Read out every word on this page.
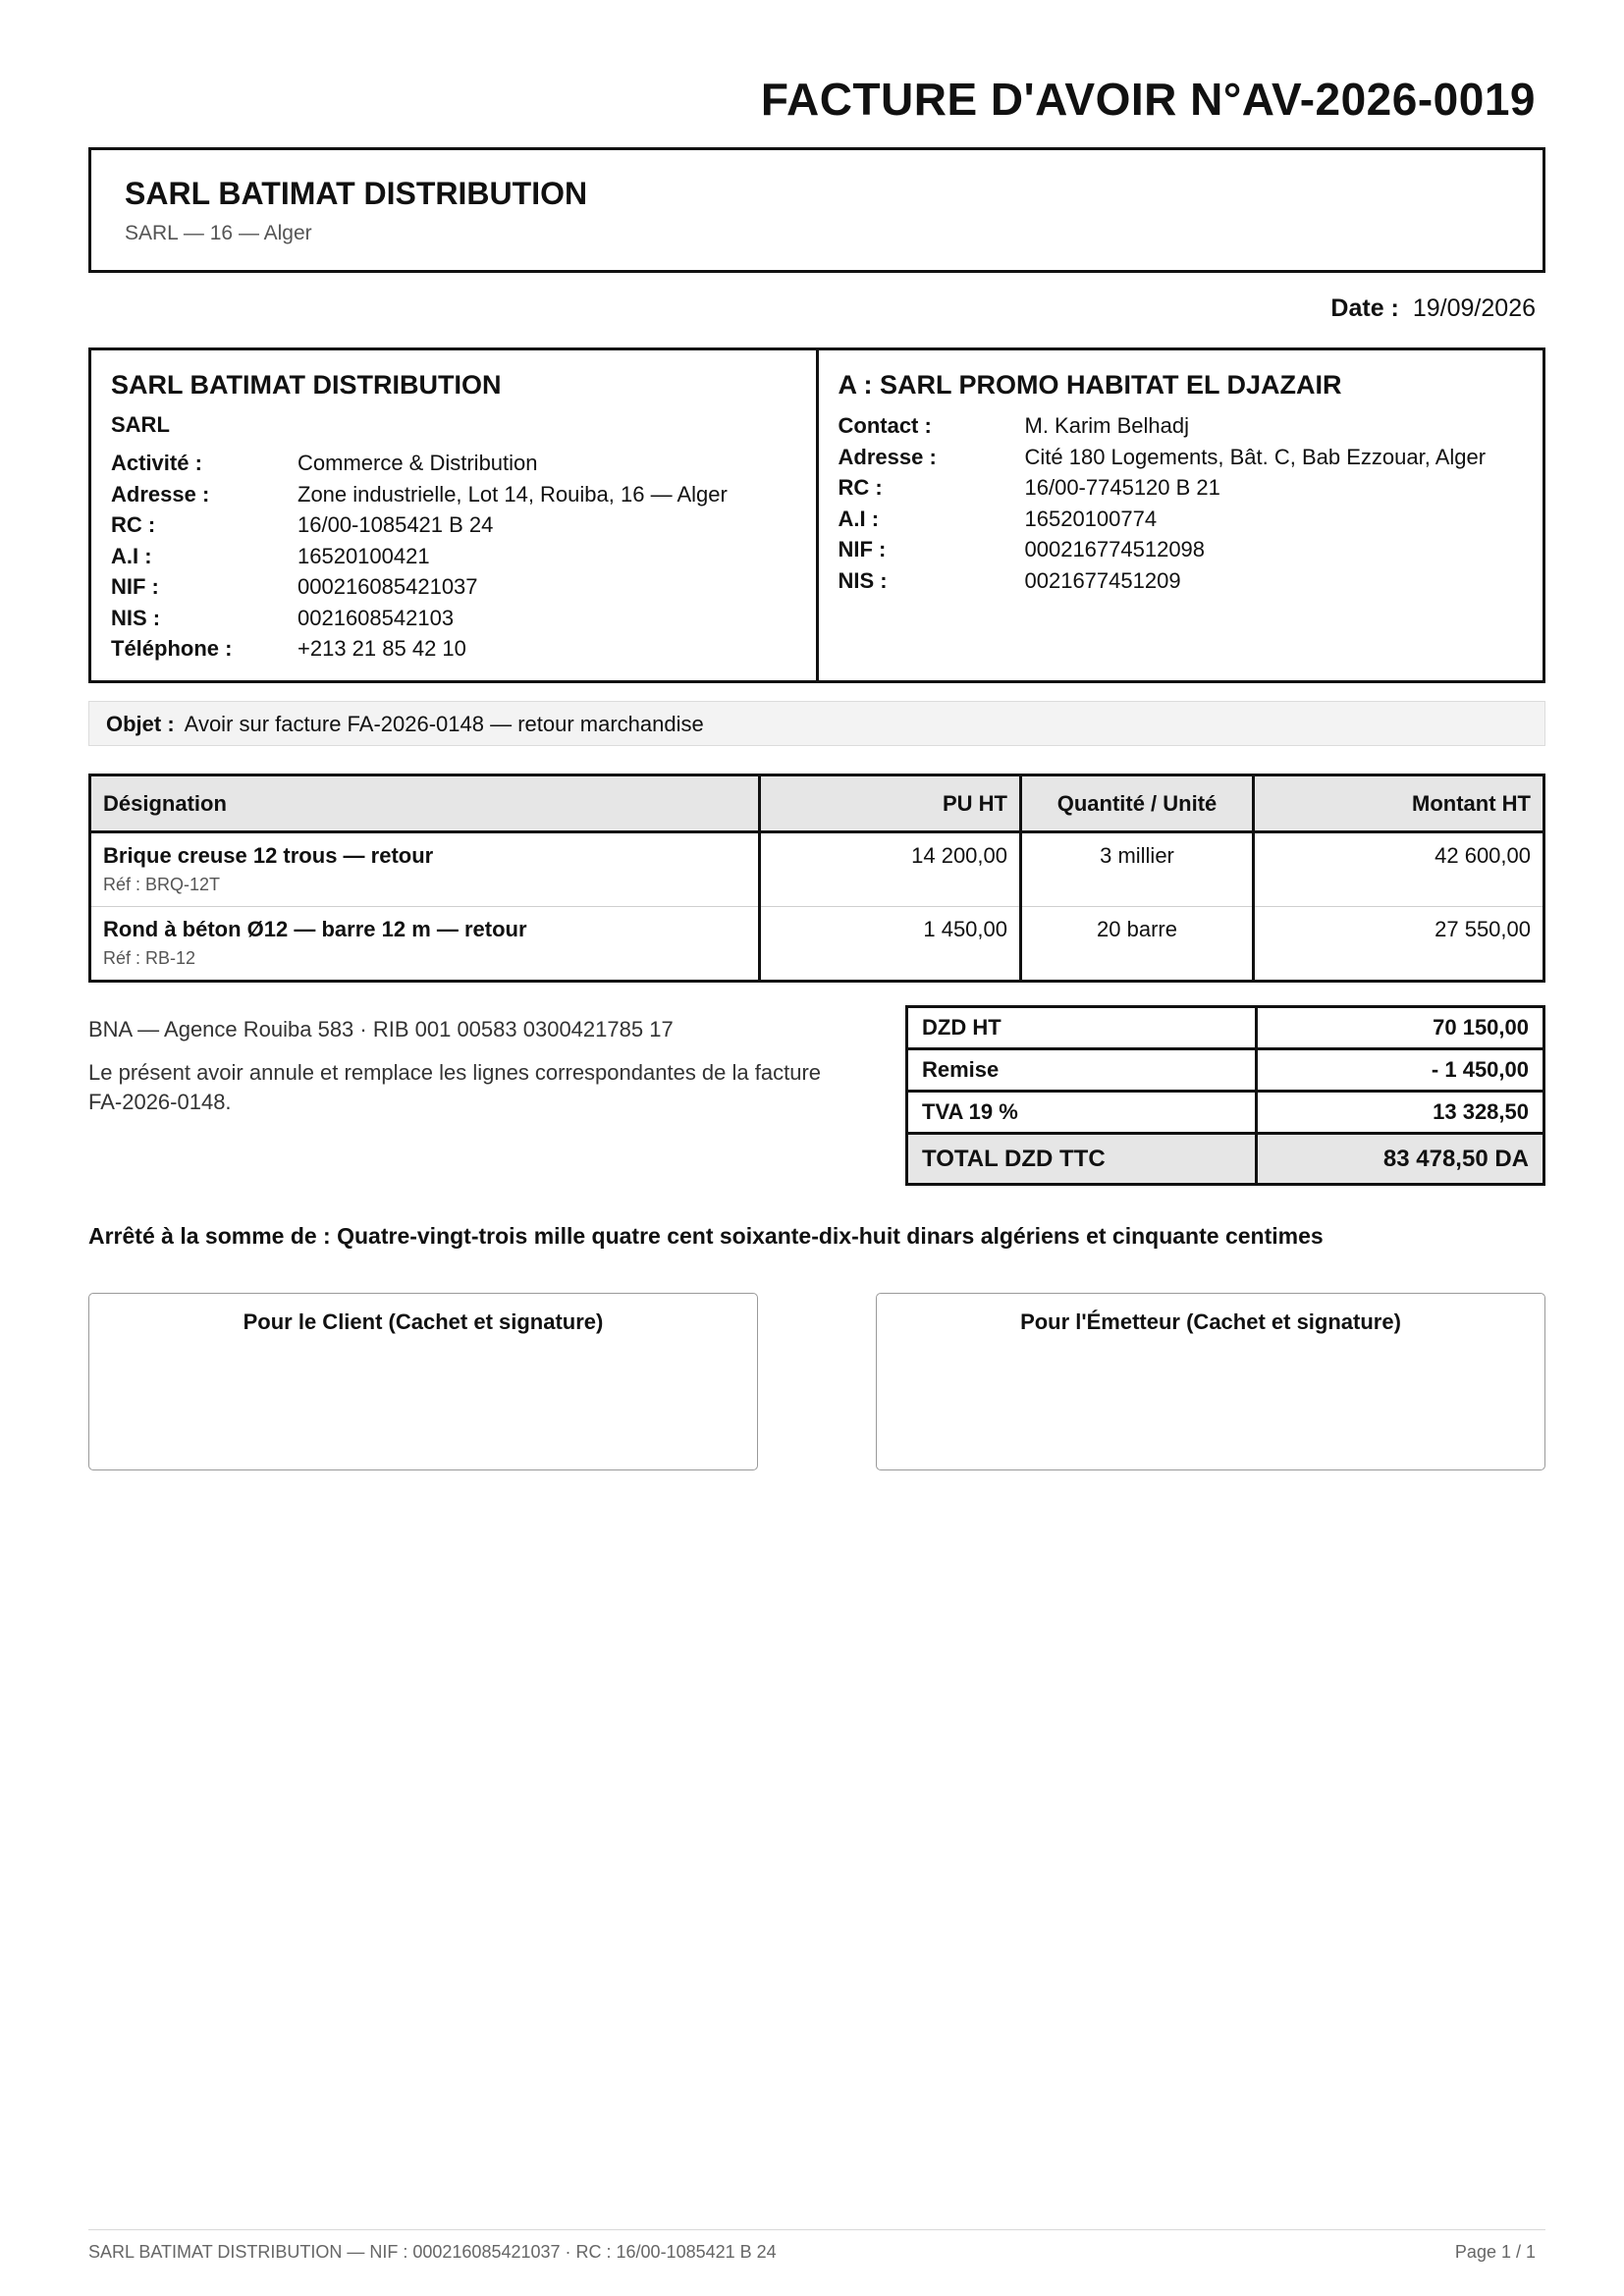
FACTURE D'AVOIR N°AV-2026-0019
SARL BATIMAT DISTRIBUTION
SARL — 16 — Alger
Date : 19/09/2026
SARL BATIMAT DISTRIBUTION
SARL
Activité :	Commerce & Distribution
Adresse :	Zone industrielle, Lot 14, Rouiba, 16 — Alger
RC :	16/00-1085421 B 24
A.I :	16520100421
NIF :	000216085421037
NIS :	0021608542103
Téléphone :	+213 21 85 42 10
A : SARL PROMO HABITAT EL DJAZAIR
Contact :	M. Karim Belhadj
Adresse :	Cité 180 Logements, Bât. C, Bab Ezzouar, Alger
RC :	16/00-7745120 B 21
A.I :	16520100774
NIF :	000216774512098
NIS :	0021677451209
Objet : Avoir sur facture FA-2026-0148 — retour marchandise
Désignation	PU HT	Quantité / Unité	Montant HT

Brique creuse 12 trous — retour
Réf : BRQ-12T	14 200,00	3 millier	42 600,00

Rond à béton Ø12 — barre 12 m — retour
Réf : RB-12	1 450,00	20 barre	27 550,00

BNA — Agence Rouiba 583 · RIB 001 00583 0300421785 17

Le présent avoir annule et remplace les lignes correspondantes de la facture FA-2026-0148.

DZD HT	70 150,00
Remise	- 1 450,00
TVA 19 %	13 328,50
TOTAL DZD TTC	83 478,50 DA
Arrêté à la somme de : Quatre-vingt-trois mille quatre cent soixante-dix-huit dinars algériens et cinquante centimes
Pour le Client (Cachet et signature)	Pour l'Émetteur (Cachet et signature)
SARL BATIMAT DISTRIBUTION — NIF : 000216085421037 · RC : 16/00-1085421 B 24	Page 1 / 1
